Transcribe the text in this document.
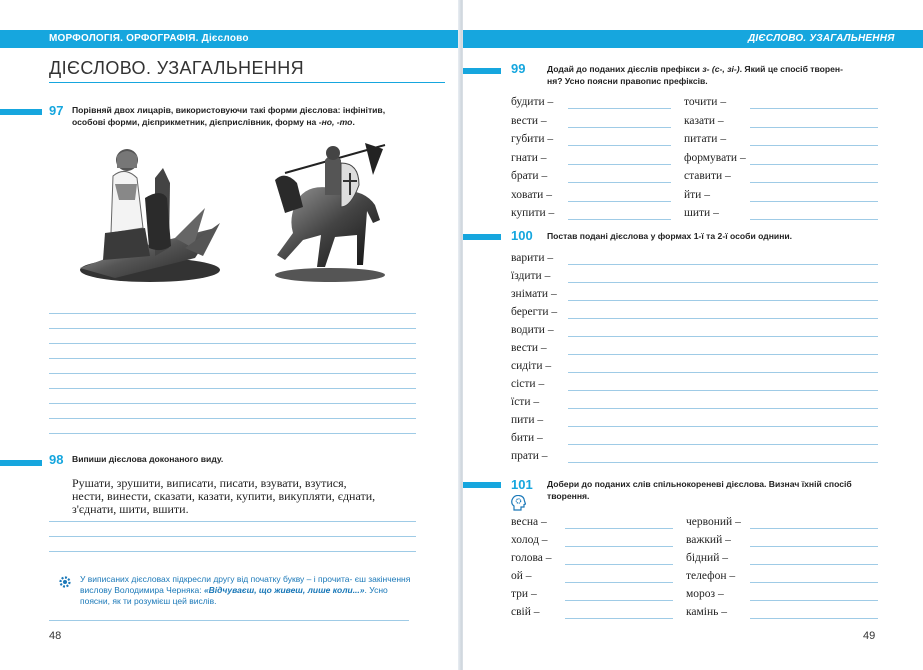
МОРФОЛОГІЯ. ОРФОГРАФІЯ. Дієслово
ДІЄСЛОВО. УЗАГАЛЬНЕННЯ
97 Порівняй двох лицарів, використовуючи такі форми дієслова: інфінітив,
особові форми, дієприкметник, дієприслівник, форму на -но, -то.
98 Випиши дієслова доконаного виду.
Рушати, зрушити, виписати, писати, взувати, взутися,
нести, винести, сказати, казати, купити, викупляти, єднати,
з'єднати, шити, вшити.
У виписаних дієсловах підкресли другу від початку букву – і прочита- єш закінчення вислову Володимира Черняка: «Відчуваєш, що живеш, лише коли...». Усно поясни, як ти розумієш цей вислів.
48
ДІЄСЛОВО. УЗАГАЛЬНЕННЯ
99	Додай до поданих дієслів префікси з- (с-, зі-). Який це спосіб творен-
ня? Усно поясни правопис префіксів.
будити –
вести –
губити –
гнати –
брати –
ховати –
купити –
точити –
казати –
питати –
формувати –
ставити –
йти –
шити –
100 Постав подані дієслова у формах 1-ї та 2-ї особи однини.
варити –
їздити –
знімати –
берегти –
водити –
вести –
сидіти –
сісти –
їсти –
пити –
бити –
прати –
101 Добери до поданих слів спільнокореневі дієслова. Визнач їхній спосіб
творення.
весна –
холод –
голова –
ой –
три –
свій –
червоний –
важкий –
бідний –
телефон –
мороз –
камінь –
49
